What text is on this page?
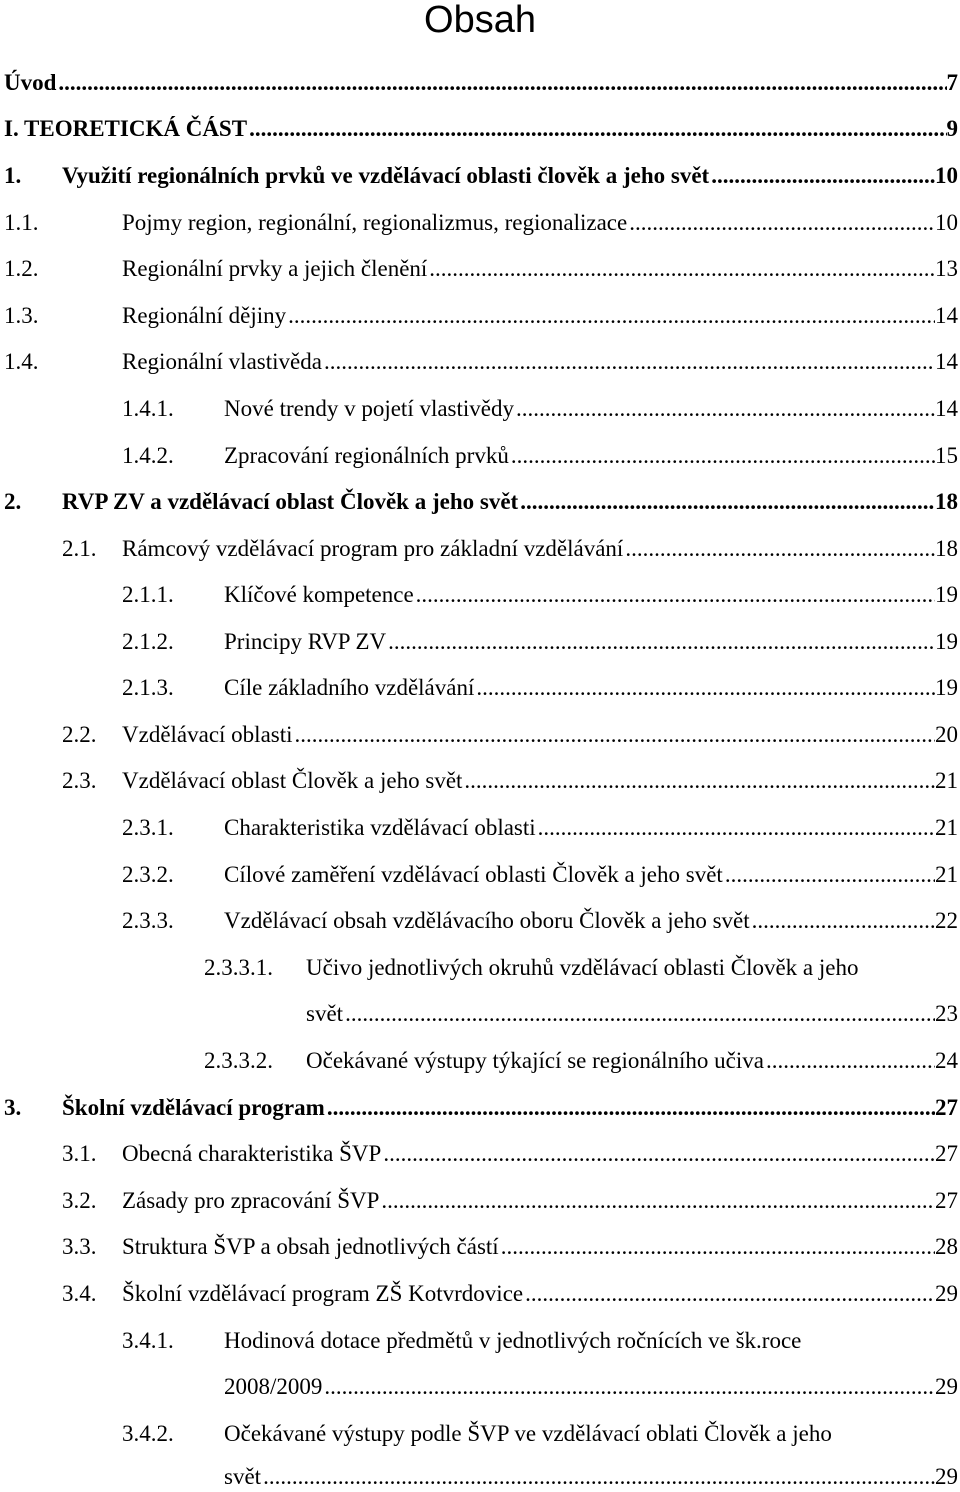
Obsah
Úvod .....	7
I. TEORETICKÁ ČÁST .....	9
1. Využití regionálních prvků ve vzdělávací oblasti člověk a jeho svět .....	10
1.1.	Pojmy region, regionální, regionalizmus, regionalizace .....	10
1.2.	Regionální prvky a jejich členění .....	13
1.3.	Regionální dějiny .....	14
1.4.	Regionální vlastivěda .....	14
1.4.1. Nové trendy v pojetí vlastivědy .....	14
1.4.2. Zpracování regionálních prvků .....	15
2. RVP ZV a vzdělávací oblast Člověk a jeho svět .....	18
2.1. Rámcový vzdělávací program pro základní vzdělávání .....	18
2.1.1. Klíčové kompetence .....	19
2.1.2. Principy RVP ZV .....	19
2.1.3. Cíle základního vzdělávání .....	19
2.2. Vzdělávací oblasti .....	20
2.3. Vzdělávací oblast Člověk a jeho svět .....	21
2.3.1. Charakteristika vzdělávací oblasti .....	21
2.3.2. Cílové zaměření vzdělávací oblasti Člověk a jeho svět .....	21
2.3.3. Vzdělávací obsah vzdělávacího oboru Člověk a jeho svět .....	22
2.3.3.1. Učivo jednotlivých okruhů vzdělávací oblasti Člověk a jeho
svět .....	23
2.3.3.2. Očekávané výstupy týkající se regionálního učiva .....	24
3. Školní vzdělávací program .....	27
3.1. Obecná charakteristika ŠVP .....	27
3.2. Zásady pro zpracování ŠVP .....	27
3.3. Struktura ŠVP a obsah jednotlivých částí .....	28
3.4. Školní vzdělávací program ZŠ Kotvrdovice .....	29
3.4.1. Hodinová dotace předmětů v jednotlivých ročnících ve šk.roce
2008/2009 .....	29
3.4.2. Očekávané výstupy podle ŠVP ve vzdělávací oblati Člověk a jeho
svět .....	29
